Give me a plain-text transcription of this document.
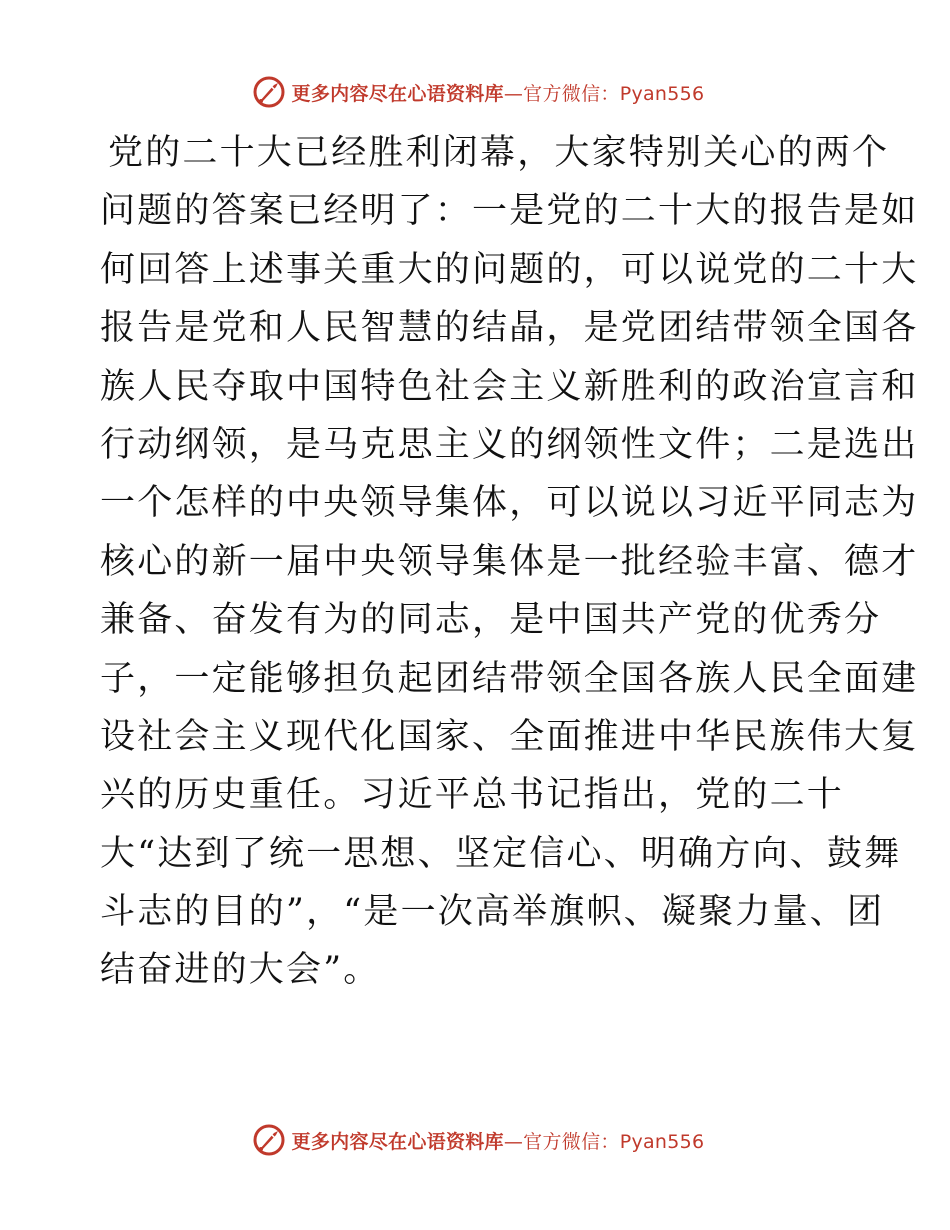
更多内容尽在心语资料库—官方微信：Pyan556
党的二十大已经胜利闭幕，大家特别关心的两个
问题的答案已经明了：一是党的二十大的报告是如
何回答上述事关重大的问题的，可以说党的二十大
报告是党和人民智慧的结晶，是党团结带领全国各
族人民夺取中国特色社会主义新胜利的政治宣言和
行动纲领，是马克思主义的纲领性文件；二是选出
一个怎样的中央领导集体，可以说以习近平同志为
核心的新一届中央领导集体是一批经验丰富、德才
兼备、奋发有为的同志，是中国共产党的优秀分
子，一定能够担负起团结带领全国各族人民全面建
设社会主义现代化国家、全面推进中华民族伟大复
兴的历史重任。习近平总书记指出，党的二十
大“达到了统一思想、坚定信心、明确方向、鼓舞
斗志的目的”，“是一次高举旗帜、凝聚力量、团
结奋进的大会”。
更多内容尽在心语资料库—官方微信：Pyan556
